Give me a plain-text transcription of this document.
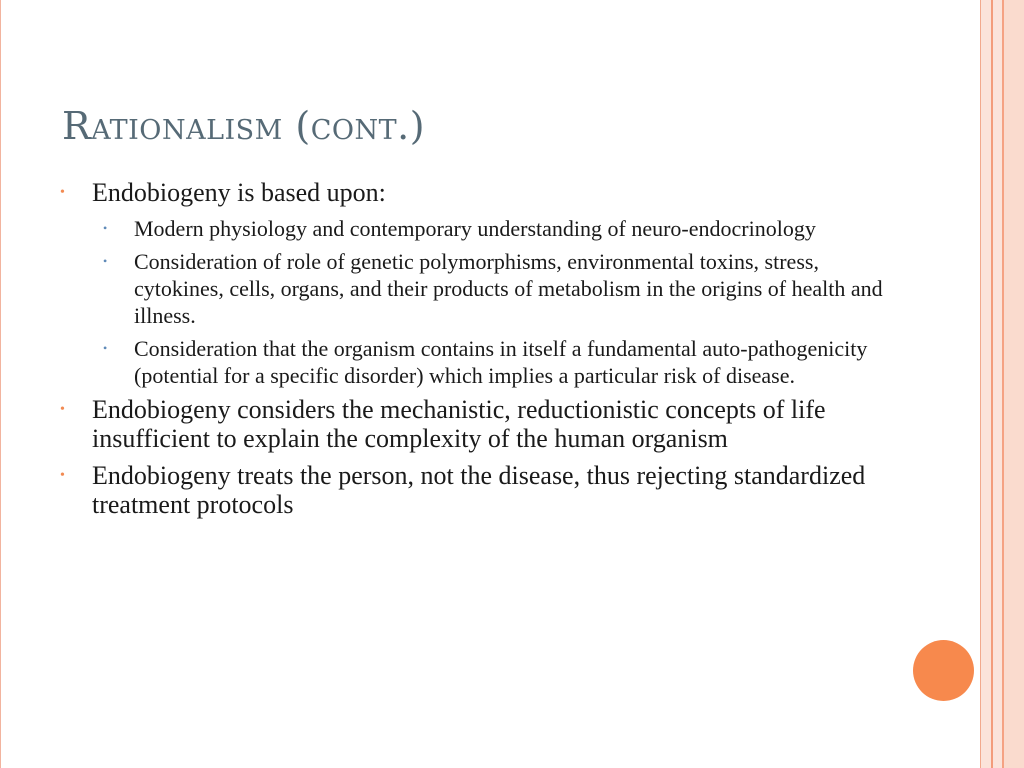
Rationalism (cont.)
• Endobiogeny is based upon:
• Modern physiology and contemporary understanding of neuro-endocrinology
• Consideration of role of genetic polymorphisms, environmental toxins, stress, cytokines, cells, organs, and their products of metabolism in the origins of health and illness.
• Consideration that the organism contains in itself a fundamental auto-pathogenicity (potential for a specific disorder) which implies a particular risk of disease.
• Endobiogeny considers the mechanistic, reductionistic concepts of life insufficient to explain the complexity of the human organism
• Endobiogeny treats the person, not the disease, thus rejecting standardized treatment protocols
